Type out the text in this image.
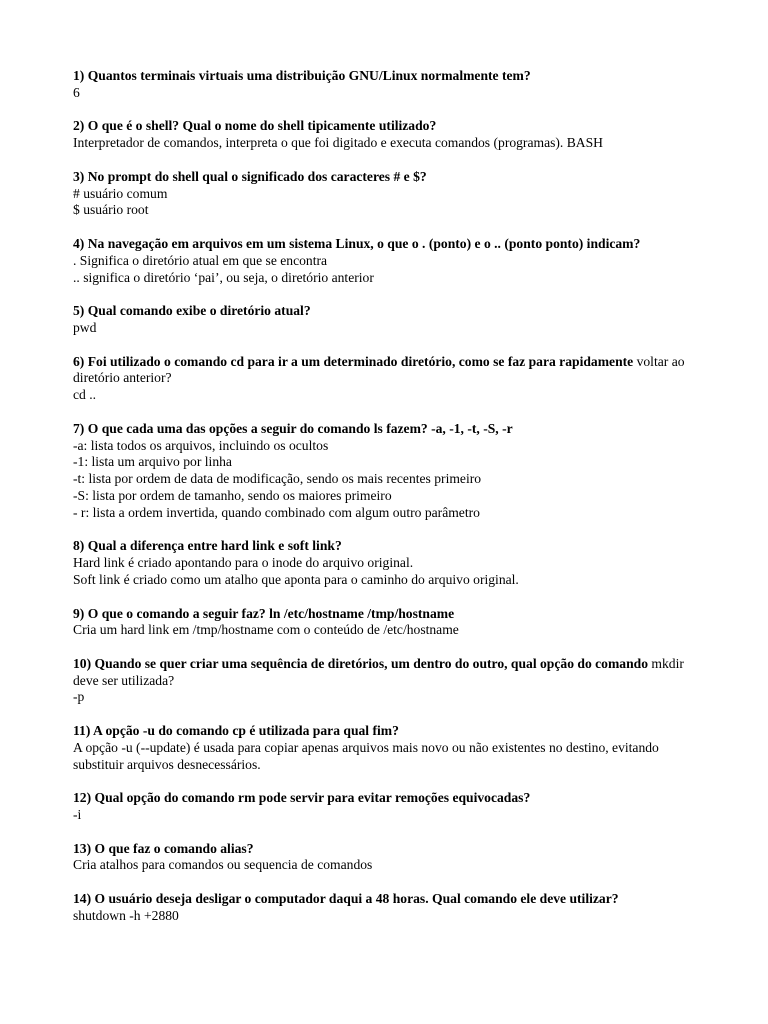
1) Quantos terminais virtuais uma distribuição GNU/Linux normalmente tem?
6
2) O que é o shell? Qual o nome do shell tipicamente utilizado?
Interpretador de comandos, interpreta o que foi digitado e executa comandos (programas). BASH
3) No prompt do shell qual o significado dos caracteres # e $?
# usuário comum
$ usuário root
4) Na navegação em arquivos em um sistema Linux, o que o . (ponto) e o .. (ponto ponto) indicam?
. Significa o diretório atual em que se encontra
.. significa o diretório ‘pai’, ou seja, o diretório anterior
5) Qual comando exibe o diretório atual?
pwd
6) Foi utilizado o comando cd para ir a um determinado diretório, como se faz para rapidamente voltar ao diretório anterior?
cd ..
7) O que cada uma das opções a seguir do comando ls fazem? -a, -1, -t, -S, -r
-a: lista todos os arquivos, incluindo os ocultos
-1: lista um arquivo por linha
-t: lista por ordem de data de modificação, sendo os mais recentes primeiro
-S: lista por ordem de tamanho, sendo os maiores primeiro
- r: lista a ordem invertida, quando combinado com algum outro parâmetro
8) Qual a diferença entre hard link e soft link?
Hard link é criado apontando para o inode do arquivo original.
Soft link é criado como um atalho que aponta para o caminho do arquivo original.
9) O que o comando a seguir faz? ln /etc/hostname /tmp/hostname
Cria um hard link em /tmp/hostname com o conteúdo de /etc/hostname
10) Quando se quer criar uma sequência de diretórios, um dentro do outro, qual opção do comando mkdir deve ser utilizada?
-p
11) A opção -u do comando cp é utilizada para qual fim?
A opção -u (--update) é usada para copiar apenas arquivos mais novo ou não existentes no destino, evitando substituir arquivos desnecessários.
12) Qual opção do comando rm pode servir para evitar remoções equivocadas?
-i
13) O que faz o comando alias?
Cria atalhos para comandos ou sequencia de comandos
14) O usuário deseja desligar o computador daqui a 48 horas. Qual comando ele deve utilizar?
shutdown -h +2880
